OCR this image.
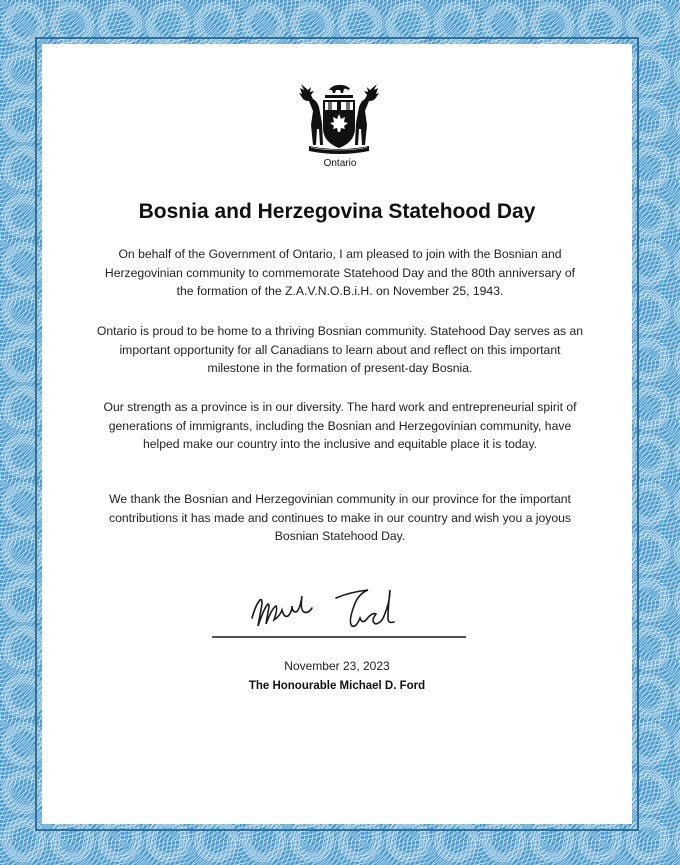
Ontario
Bosnia and Herzegovina Statehood Day
On behalf of the Government of Ontario, I am pleased to join with the Bosnian and Herzegovinian community to commemorate Statehood Day and the 80th anniversary of the formation of the Z.A.V.N.O.B.i.H. on November 25, 1943.
Ontario is proud to be home to a thriving Bosnian community. Statehood Day serves as an important opportunity for all Canadians to learn about and reflect on this important milestone in the formation of present-day Bosnia.
Our strength as a province is in our diversity. The hard work and entrepreneurial spirit of generations of immigrants, including the Bosnian and Herzegovinian community, have helped make our country into the inclusive and equitable place it is today.
We thank the Bosnian and Herzegovinian community in our province for the important contributions it has made and continues to make in our country and wish you a joyous Bosnian Statehood Day.
November 23, 2023
The Honourable Michael D. Ford
